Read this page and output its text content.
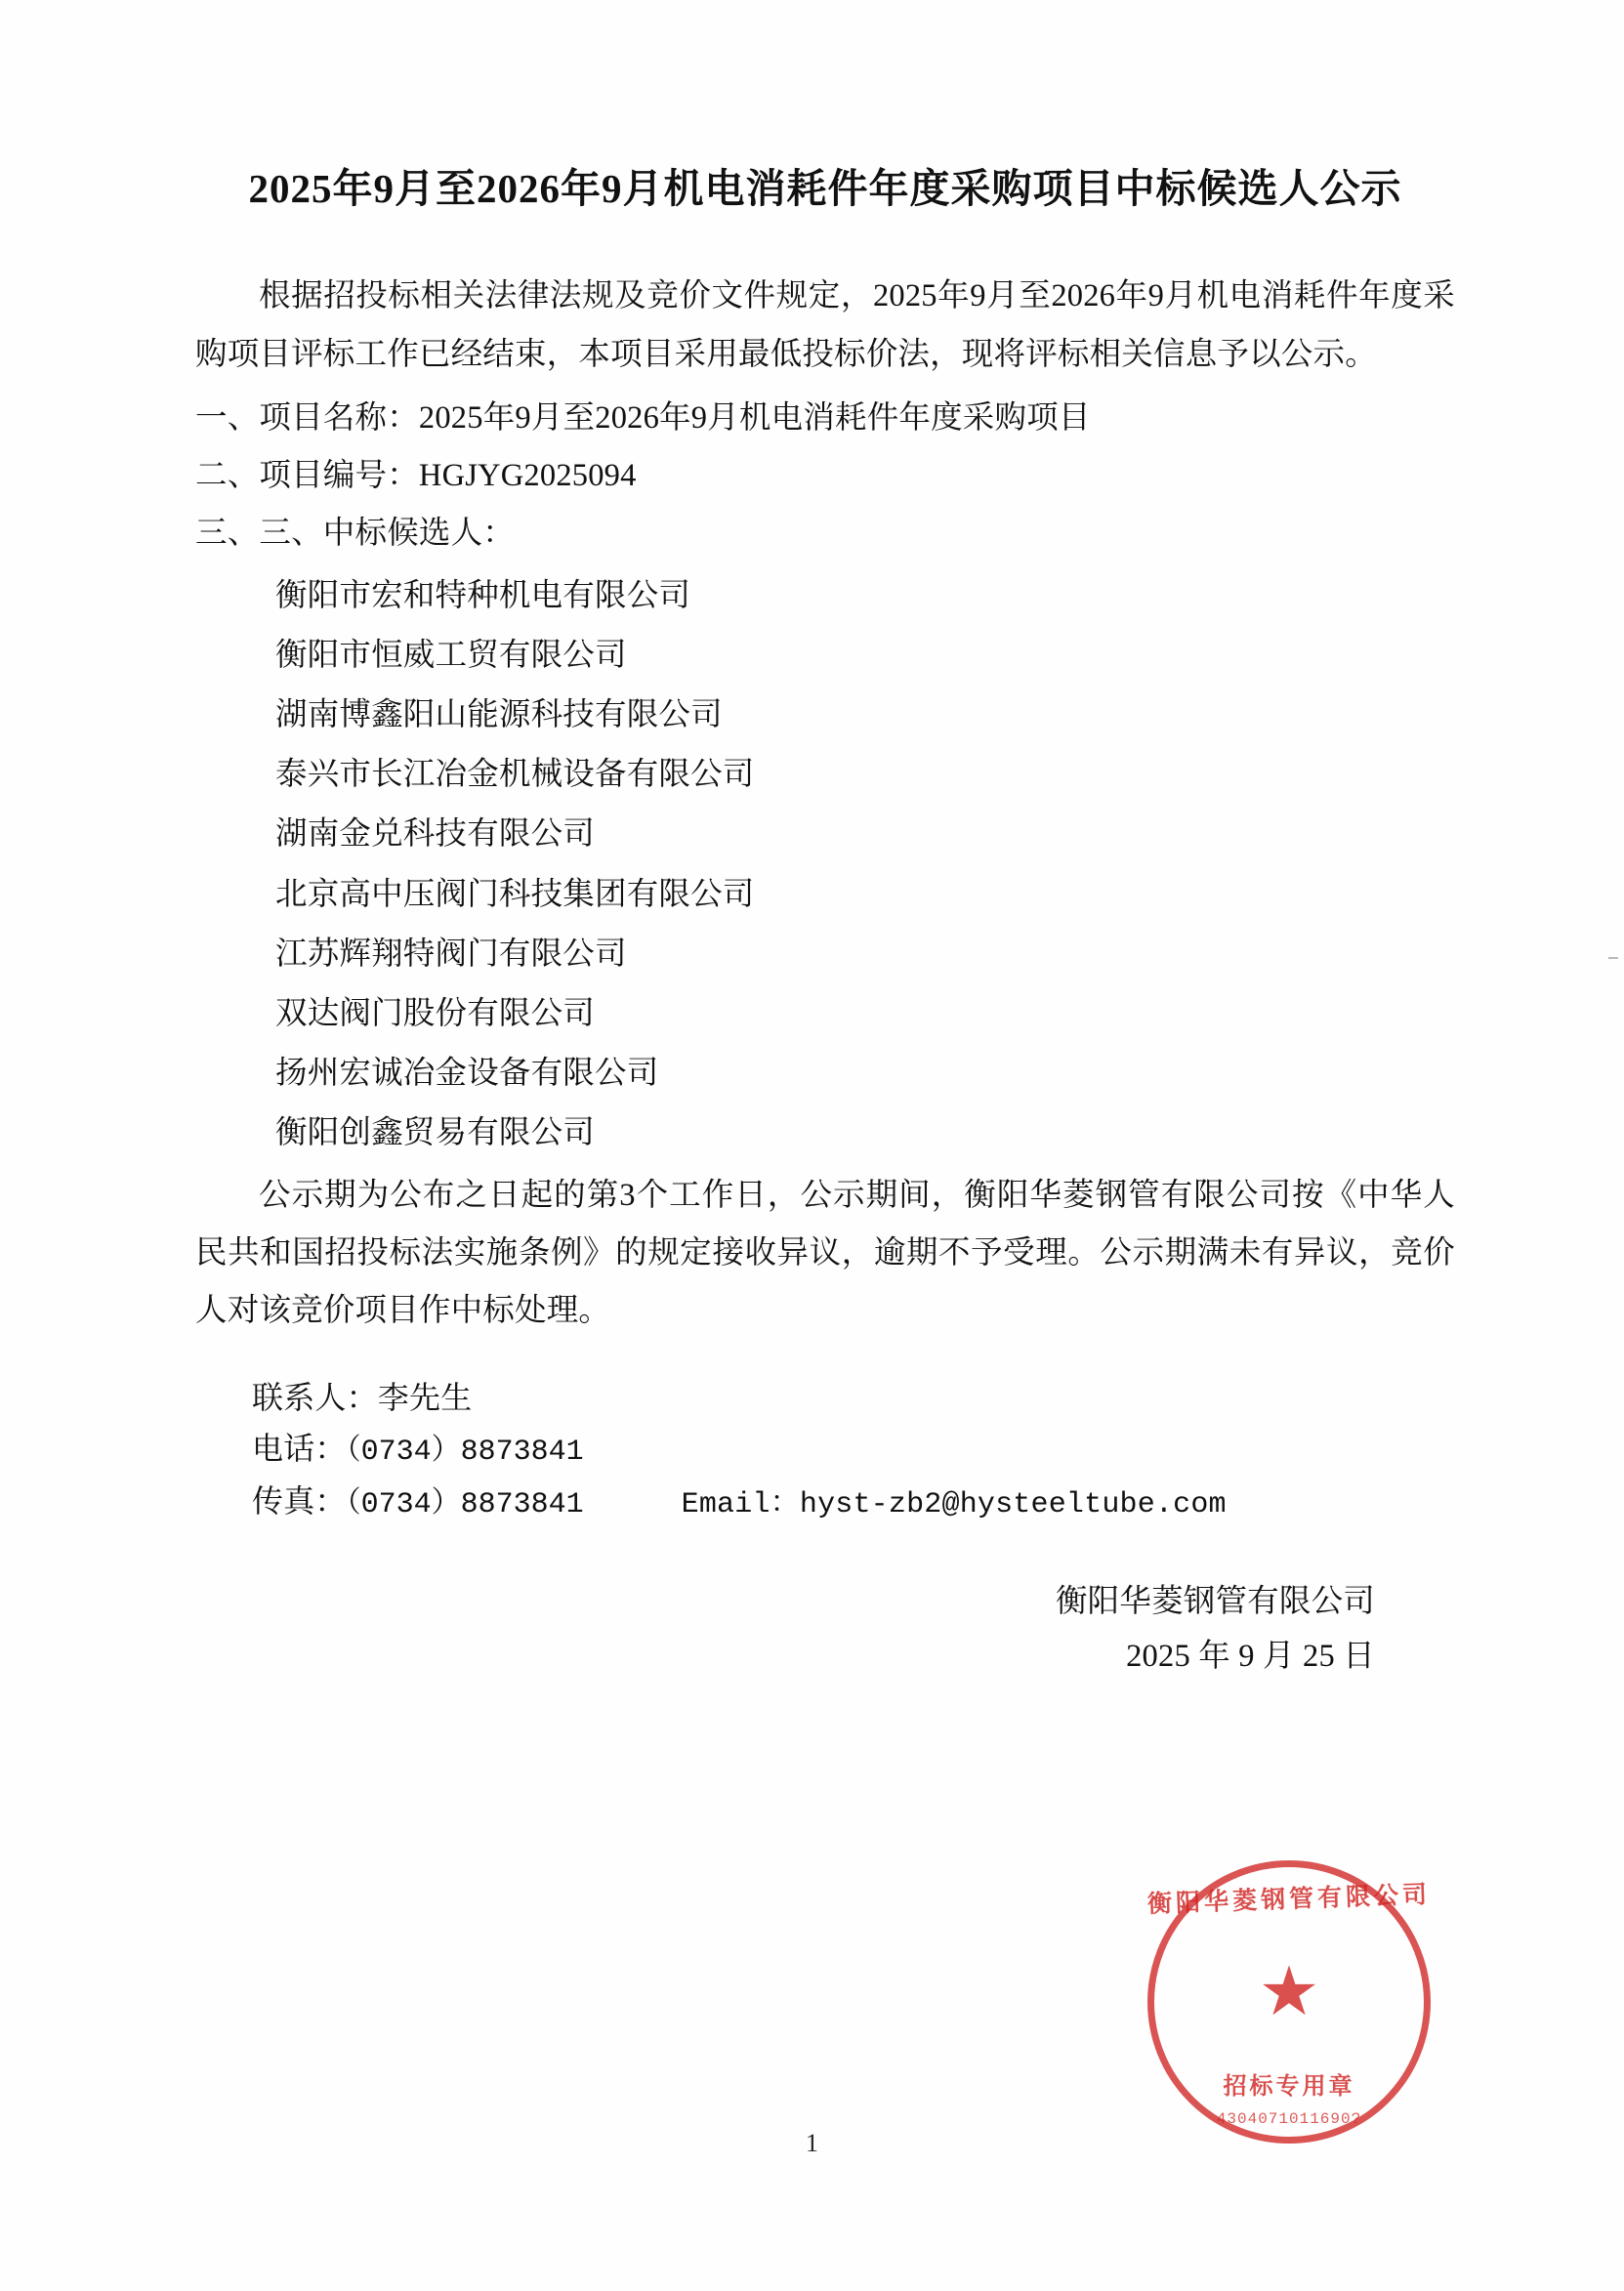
2025年9月至2026年9月机电消耗件年度采购项目中标候选人公示

根据招投标相关法律法规及竞价文件规定，2025年9月至2026年9月机电消耗件年度采购项目评标工作已经结束，本项目采用最低投标价法，现将评标相关信息予以公示。

一、项目名称：2025年9月至2026年9月机电消耗件年度采购项目

二、项目编号：HGJYG2025094

三、三、中标候选人：

衡阳市宏和特种机电有限公司

衡阳市恒威工贸有限公司

湖南博鑫阳山能源科技有限公司

泰兴市长江冶金机械设备有限公司

湖南金兑科技有限公司

北京高中压阀门科技集团有限公司

江苏辉翔特阀门有限公司

双达阀门股份有限公司

扬州宏诚冶金设备有限公司

衡阳创鑫贸易有限公司

公示期为公布之日起的第3个工作日，公示期间，衡阳华菱钢管有限公司按《中华人民共和国招投标法实施条例》的规定接收异议，逾期不予受理。公示期满未有异议，竞价人对该竞价项目作中标处理。

联系人：李先生

电话：（0734）8873841

传真：（0734）8873841	Email：hyst-zb2@hysteeltube.com

衡阳华菱钢管有限公司
2025 年 9 月 25 日
衡阳华菱钢管有限公司
★
招标专用章
4304071011690?
1
